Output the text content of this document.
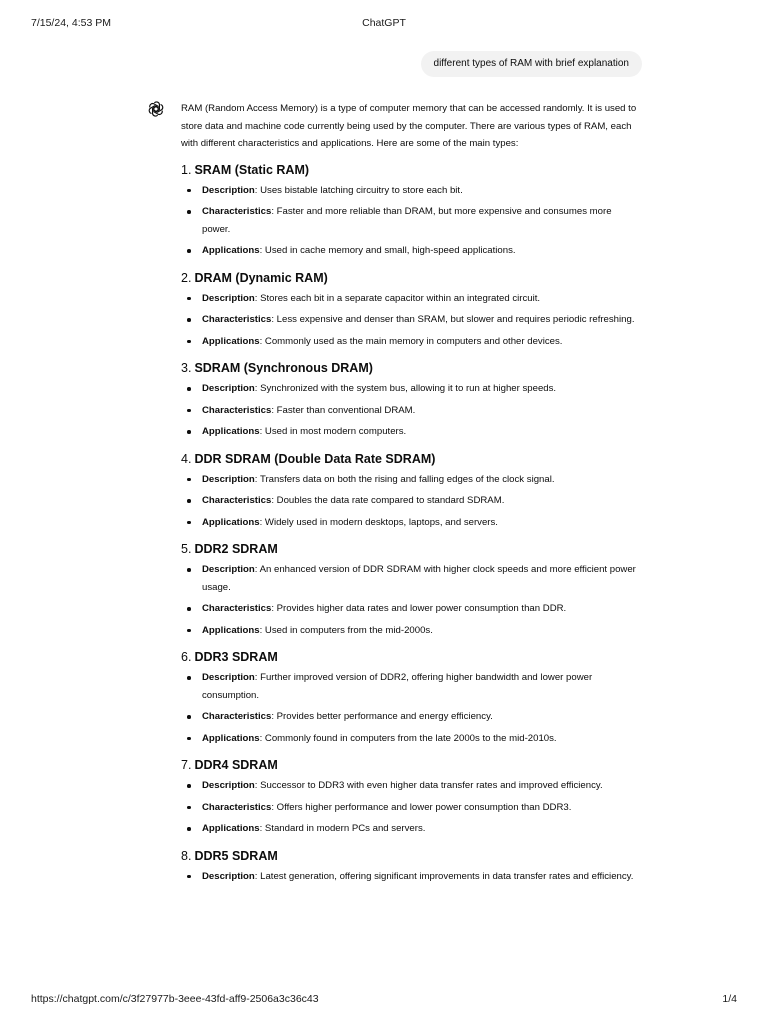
7/15/24, 4:53 PM	ChatGPT
different types of RAM with brief explanation

RAM (Random Access Memory) is a type of computer memory that can be accessed randomly. It is used to store data and machine code currently being used by the computer. There are various types of RAM, each with different characteristics and applications. Here are some of the main types:

1. SRAM (Static RAM)
Description: Uses bistable latching circuitry to store each bit.
Characteristics: Faster and more reliable than DRAM, but more expensive and consumes more power.
Applications: Used in cache memory and small, high-speed applications.
2. DRAM (Dynamic RAM)
Description: Stores each bit in a separate capacitor within an integrated circuit.
Characteristics: Less expensive and denser than SRAM, but slower and requires periodic refreshing.
Applications: Commonly used as the main memory in computers and other devices.
3. SDRAM (Synchronous DRAM)
Description: Synchronized with the system bus, allowing it to run at higher speeds.
Characteristics: Faster than conventional DRAM.
Applications: Used in most modern computers.
4. DDR SDRAM (Double Data Rate SDRAM)
Description: Transfers data on both the rising and falling edges of the clock signal.
Characteristics: Doubles the data rate compared to standard SDRAM.
Applications: Widely used in modern desktops, laptops, and servers.
5. DDR2 SDRAM
Description: An enhanced version of DDR SDRAM with higher clock speeds and more efficient power usage.
Characteristics: Provides higher data rates and lower power consumption than DDR.
Applications: Used in computers from the mid-2000s.
6. DDR3 SDRAM
Description: Further improved version of DDR2, offering higher bandwidth and lower power consumption.
Characteristics: Provides better performance and energy efficiency.
Applications: Commonly found in computers from the late 2000s to the mid-2010s.
7. DDR4 SDRAM
Description: Successor to DDR3 with even higher data transfer rates and improved efficiency.
Characteristics: Offers higher performance and lower power consumption than DDR3.
Applications: Standard in modern PCs and servers.
8. DDR5 SDRAM
Description: Latest generation, offering significant improvements in data transfer rates and efficiency.
https://chatgpt.com/c/3f27977b-3eee-43fd-aff9-2506a3c36c43	1/4
